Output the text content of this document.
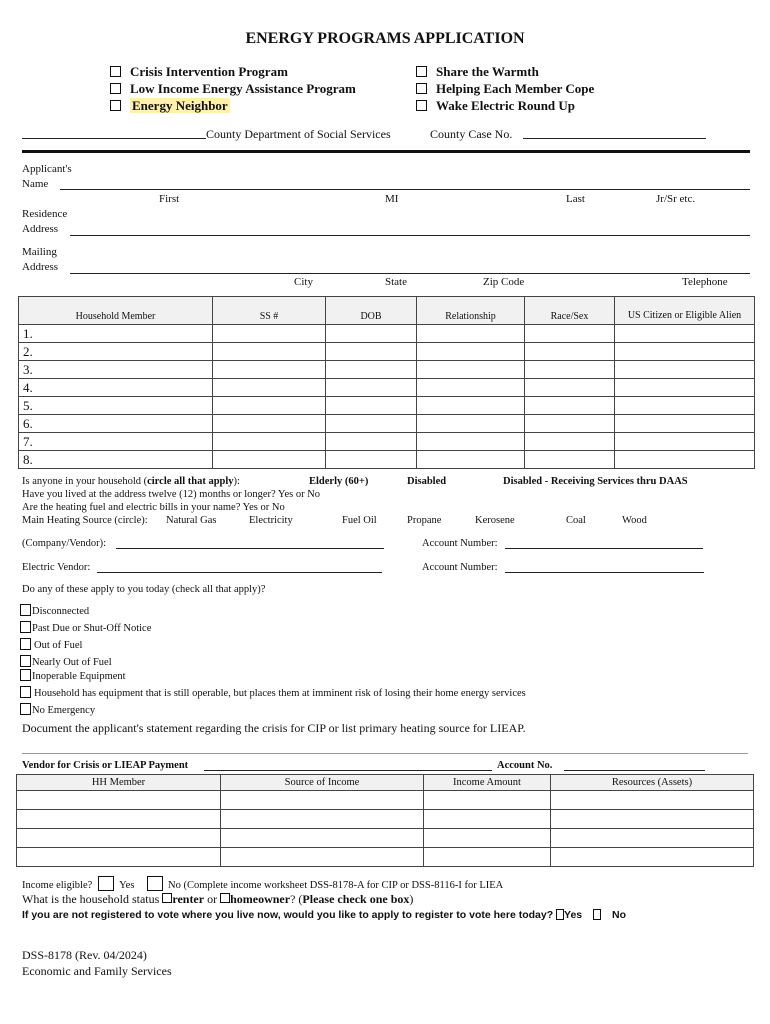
ENERGY PROGRAMS APPLICATION
Crisis Intervention Program
Low Income Energy Assistance Program
Energy Neighbor
Share the Warmth
Helping Each Member Cope
Wake Electric Round Up
County Department of Social Services	County Case No.
Applicant's
Name
First	MI	Last	Jr/Sr etc.
Residence
Address
Mailing
Address
City	State	Zip Code	Telephone
Household Member	SS #	DOB	Relationship	Race/Sex	US Citizen or Eligible Alien
1.					
2.					
3.					
4.					
5.					
6.					
7.					
8.					
Is anyone in your household (circle all that apply):	Elderly (60+)	Disabled	Disabled - Receiving Services thru DAAS
Have you lived at the address twelve (12) months or longer? Yes or No
Are the heating fuel and electric bills in your name? Yes or No
Main Heating Source (circle): Natural Gas	Electricity	Fuel Oil	Propane	Kerosene	Coal	Wood
(Company/Vendor):	Account Number:
Electric Vendor:	Account Number:
Do any of these apply to you today (check all that apply)?
Disconnected
Past Due or Shut-Off Notice
Out of Fuel
Nearly Out of Fuel
Inoperable Equipment
Household has equipment that is still operable, but places them at imminent risk of losing their home energy services
No Emergency
Document the applicant's statement regarding the crisis for CIP or list primary heating source for LIEAP.
Vendor for Crisis or LIEAP Payment	Account No.
HH Member	Source of Income	Income Amount	Resources (Assets)

Income eligible?	Yes	No (Complete income worksheet DSS-8178-A for CIP or DSS-8116-I for LIEA
What is the household status renter or homeowner? (Please check one box)
If you are not registered to vote where you live now, would you like to apply to register to vote here today? Yes	No
DSS-8178 (Rev. 04/2024)
Economic and Family Services
